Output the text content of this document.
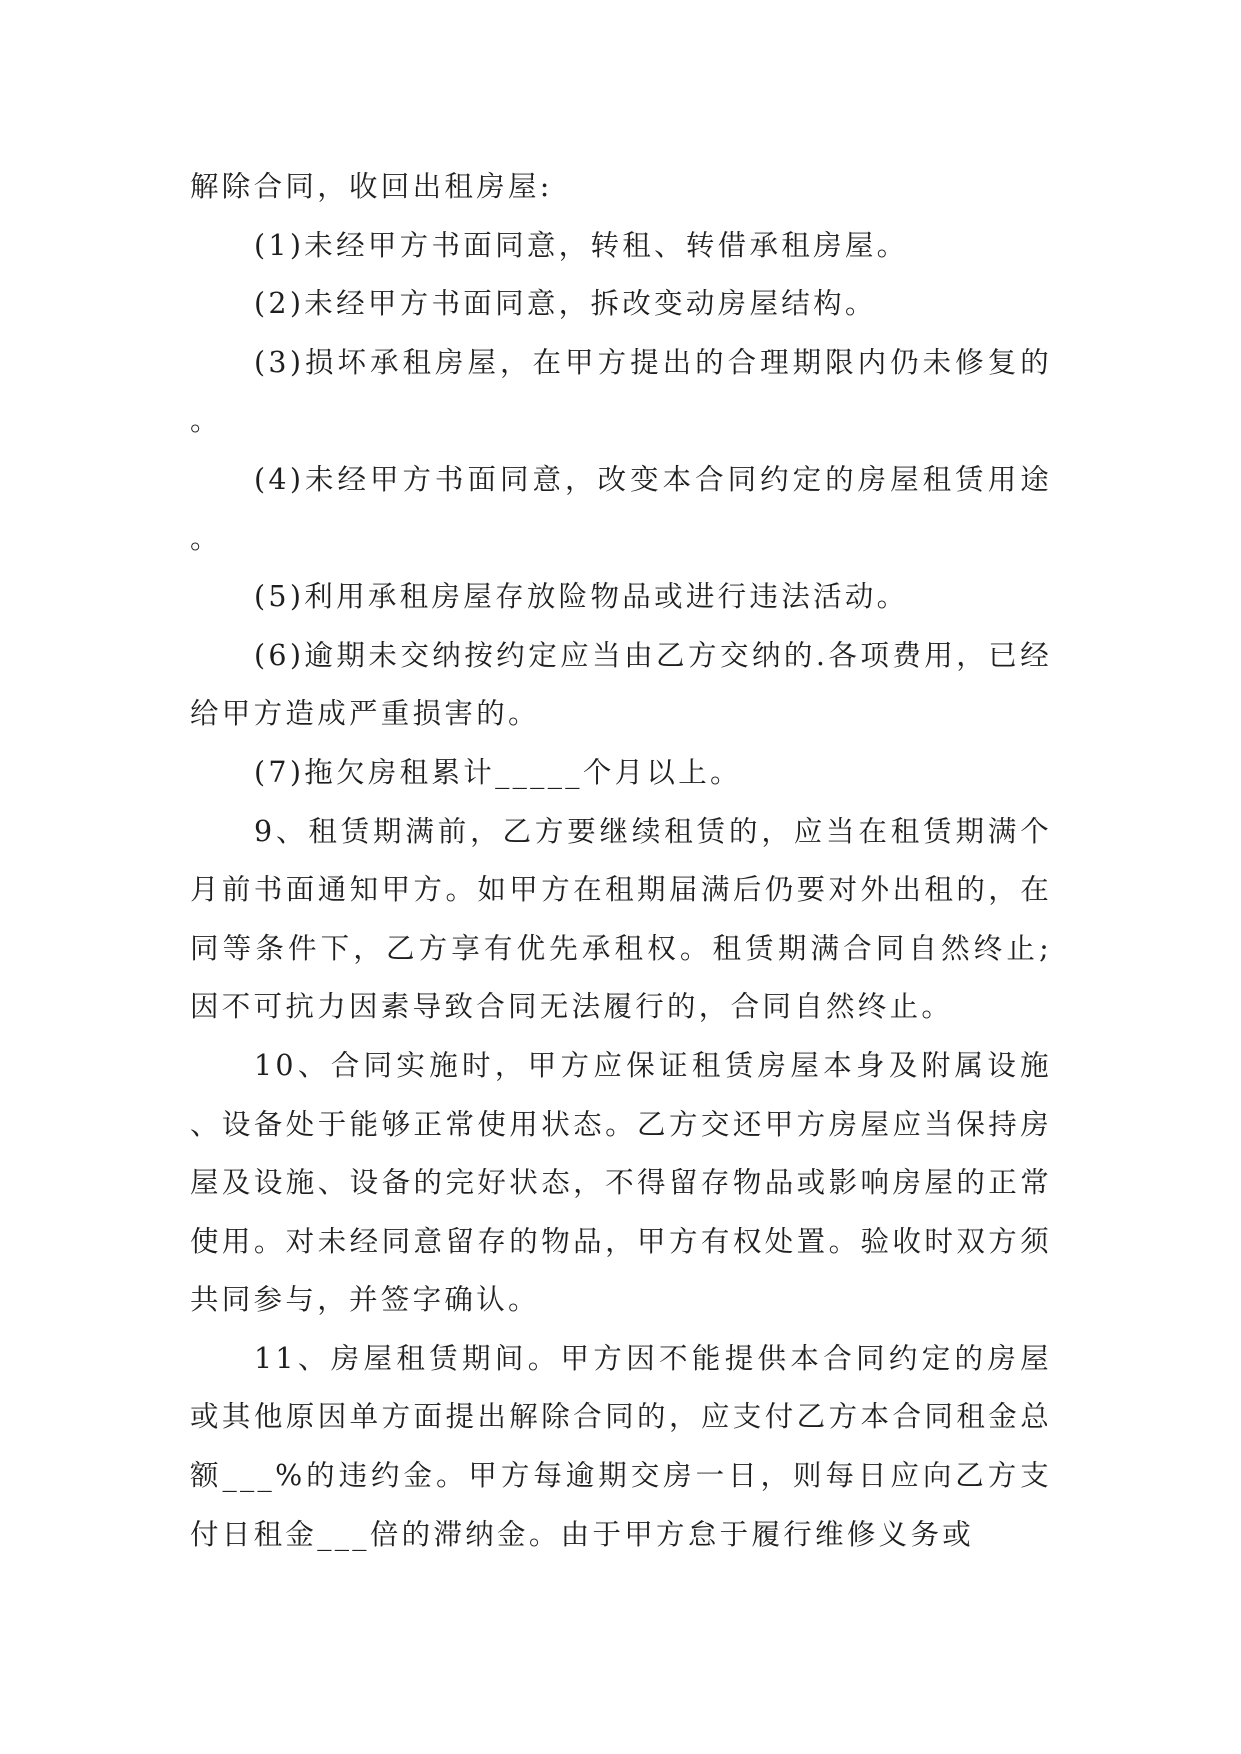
解除合同，收回出租房屋:

(1)未经甲方书面同意，转租、转借承租房屋。

(2)未经甲方书面同意，拆改变动房屋结构。

(3)损坏承租房屋，在甲方提出的合理期限内仍未修复的。

(4)未经甲方书面同意，改变本合同约定的房屋租赁用途。

(5)利用承租房屋存放险物品或进行违法活动。

(6)逾期未交纳按约定应当由乙方交纳的.各项费用，已经给甲方造成严重损害的。

(7)拖欠房租累计_____个月以上。

9、租赁期满前，乙方要继续租赁的，应当在租赁期满个月前书面通知甲方。如甲方在租期届满后仍要对外出租的，在同等条件下，乙方享有优先承租权。租赁期满合同自然终止;因不可抗力因素导致合同无法履行的，合同自然终止。

10、合同实施时，甲方应保证租赁房屋本身及附属设施、设备处于能够正常使用状态。乙方交还甲方房屋应当保持房屋及设施、设备的完好状态，不得留存物品或影响房屋的正常使用。对未经同意留存的物品，甲方有权处置。验收时双方须共同参与，并签字确认。

11、房屋租赁期间。甲方因不能提供本合同约定的房屋或其他原因单方面提出解除合同的，应支付乙方本合同租金总额___%的违约金。甲方每逾期交房一日，则每日应向乙方支付日租金___倍的滞纳金。由于甲方怠于履行维修义务或
